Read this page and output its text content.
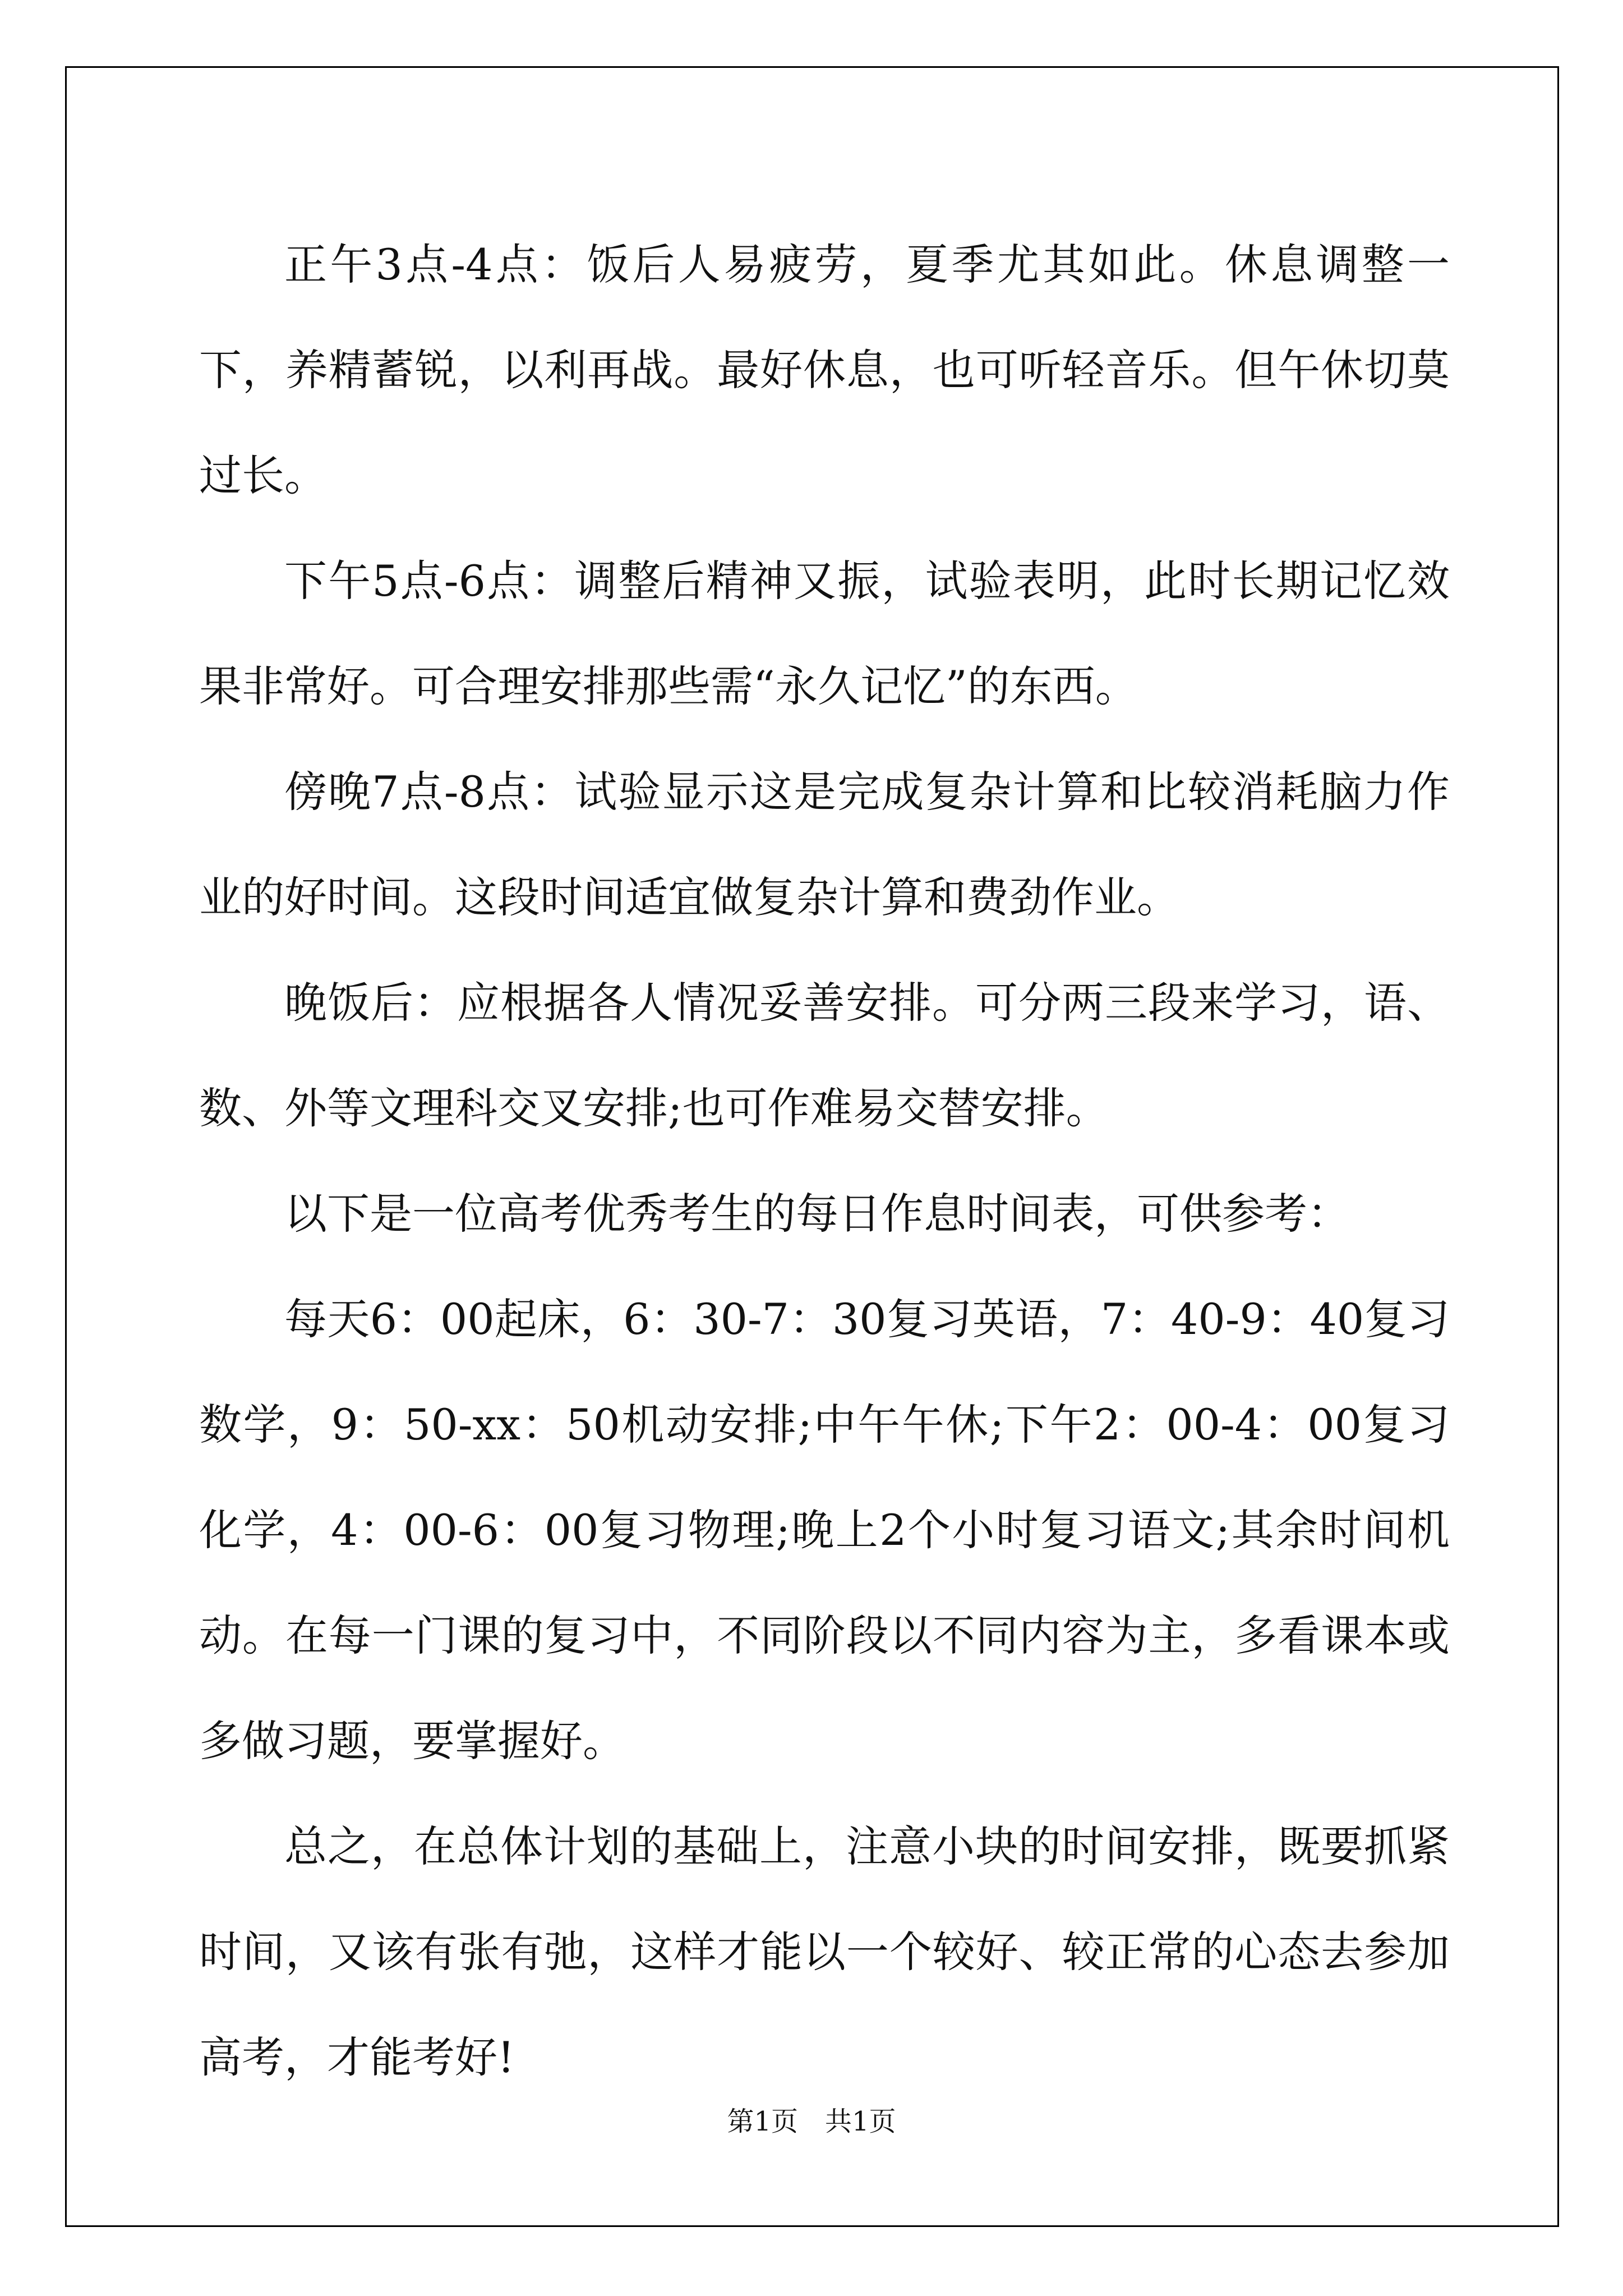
正午3点-4点：饭后人易疲劳，夏季尤其如此。休息调整一下，养精蓄锐，以利再战。最好休息，也可听轻音乐。但午休切莫过长。

下午5点-6点：调整后精神又振，试验表明，此时长期记忆效果非常好。可合理安排那些需“永久记忆”的东西。

傍晚7点-8点：试验显示这是完成复杂计算和比较消耗脑力作业的好时间。这段时间适宜做复杂计算和费劲作业。

晚饭后：应根据各人情况妥善安排。可分两三段来学习，语、数、外等文理科交叉安排;也可作难易交替安排。

以下是一位高考优秀考生的每日作息时间表，可供参考：

每天6：00起床，6：30-7：30复习英语，7：40-9：40复习数学，9：50-xx：50机动安排;中午午休;下午2：00-4：00复习化学，4：00-6：00复习物理;晚上2个小时复习语文;其余时间机动。在每一门课的复习中，不同阶段以不同内容为主，多看课本或多做习题，要掌握好。

总之，在总体计划的基础上，注意小块的时间安排，既要抓紧时间，又该有张有弛，这样才能以一个较好、较正常的心态去参加高考，才能考好!

第1页　共1页
